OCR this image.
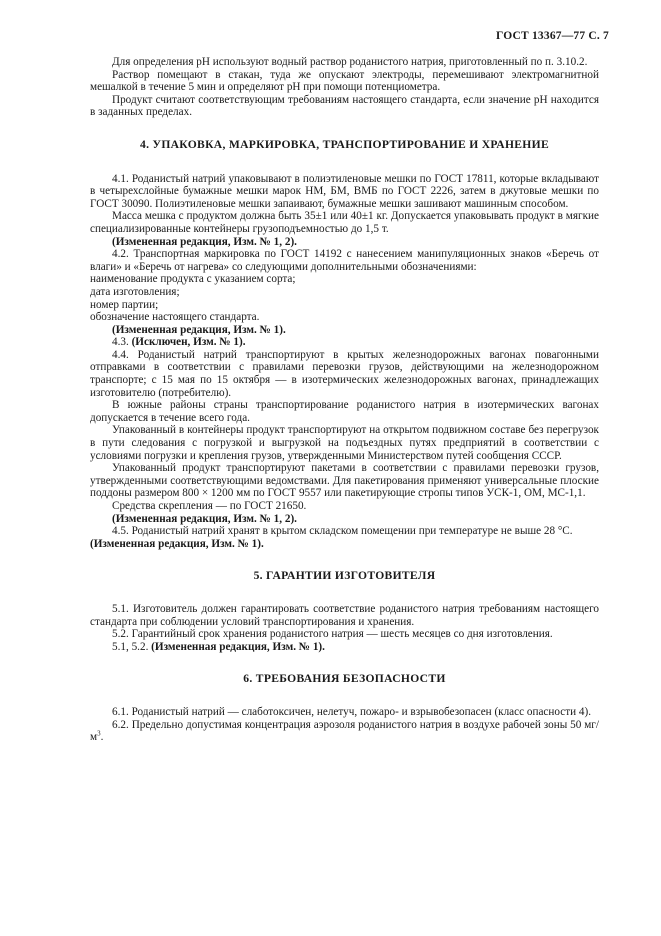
ГОСТ 13367—77 С. 7

Для определения рН используют водный раствор роданистого натрия, приготовленный по п. 3.10.2.

Раствор помещают в стакан, туда же опускают электроды, перемешивают электромагнитной мешалкой в течение 5 мин и определяют рН при помощи потенциометра.

Продукт считают соответствующим требованиям настоящего стандарта, если значение рН находится в заданных пределах.

4. УПАКОВКА, МАРКИРОВКА, ТРАНСПОРТИРОВАНИЕ И ХРАНЕНИЕ

4.1. Роданистый натрий упаковывают в полиэтиленовые мешки по ГОСТ 17811, которые вкладывают в четырехслойные бумажные мешки марок НМ, БМ, ВМБ по ГОСТ 2226, затем в джутовые мешки по ГОСТ 30090. Полиэтиленовые мешки запаивают, бумажные мешки зашивают машинным способом.

Масса мешка с продуктом должна быть 35±1 или 40±1 кг. Допускается упаковывать продукт в мягкие специализированные контейнеры грузоподъемностью до 1,5 т.

(Измененная редакция, Изм. № 1, 2).

4.2. Транспортная маркировка по ГОСТ 14192 с нанесением манипуляционных знаков «Беречь от влаги» и «Беречь от нагрева» со следующими дополнительными обозначениями:

наименование продукта с указанием сорта;

дата изготовления;

номер партии;

обозначение настоящего стандарта.

(Измененная редакция, Изм. № 1).

4.3. (Исключен, Изм. № 1).

4.4. Роданистый натрий транспортируют в крытых железнодорожных вагонах повагонными отправками в соответствии с правилами перевозки грузов, действующими на железнодорожном транспорте; с 15 мая по 15 октября — в изотермических железнодорожных вагонах, принадлежащих изготовителю (потребителю).

В южные районы страны транспортирование роданистого натрия в изотермических вагонах допускается в течение всего года.

Упакованный в контейнеры продукт транспортируют на открытом подвижном составе без перегрузок в пути следования с погрузкой и выгрузкой на подъездных путях предприятий в соответствии с условиями погрузки и крепления грузов, утвержденными Министерством путей сообщения СССР.

Упакованный продукт транспортируют пакетами в соответствии с правилами перевозки грузов, утвержденными соответствующими ведомствами. Для пакетирования применяют универсальные плоские поддоны размером 800 × 1200 мм по ГОСТ 9557 или пакетирующие стропы типов УСК-1, ОМ, МС-1,1.

Средства скрепления — по ГОСТ 21650.

(Измененная редакция, Изм. № 1, 2).

4.5. Роданистый натрий хранят в крытом складском помещении при температуре не выше 28 °С.

(Измененная редакция, Изм. № 1).

5. ГАРАНТИИ ИЗГОТОВИТЕЛЯ

5.1. Изготовитель должен гарантировать соответствие роданистого натрия требованиям настоящего стандарта при соблюдении условий транспортирования и хранения.

5.2. Гарантийный срок хранения роданистого натрия — шесть месяцев со дня изготовления.

5.1, 5.2. (Измененная редакция, Изм. № 1).

6. ТРЕБОВАНИЯ БЕЗОПАСНОСТИ

6.1. Роданистый натрий — слаботоксичен, нелетуч, пожаро- и взрывобезопасен (класс опасности 4).

6.2. Предельно допустимая концентрация аэрозоля роданистого натрия в воздухе рабочей зоны 50 $мг/м^3$.
